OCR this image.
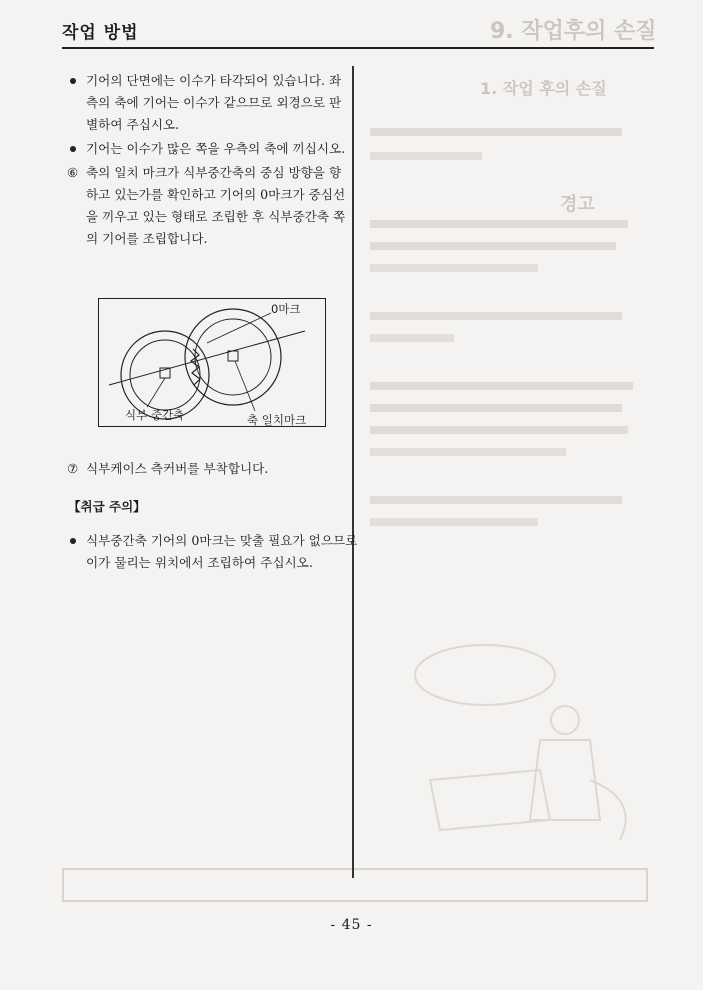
9. 작업후의 손질
1. 작업 후의 손질
경고
작업 방법
기어의 단면에는 이수가 타각되어 있습니다. 좌측의 축에 기어는 이수가 같으므로 외경으로 판별하여 주십시오.
기어는 이수가 많은 쪽을 우측의 축에 끼십시오.
⑥ 축의 일치 마크가 식부중간축의 중심 방향을 향하고 있는가를 확인하고 기어의 0마크가 중심선을 끼우고 있는 형태로 조립한 후 식부중간축 쪽의 기어를 조립합니다.
0마크
식부 중간축	축 일치마크
⑦ 식부케이스 측커버를 부착합니다.
【취급 주의】
식부중간축 기어의 0마크는 맞출 필요가 없으므로 이가 물리는 위치에서 조립하여 주십시오.
- 45 -
